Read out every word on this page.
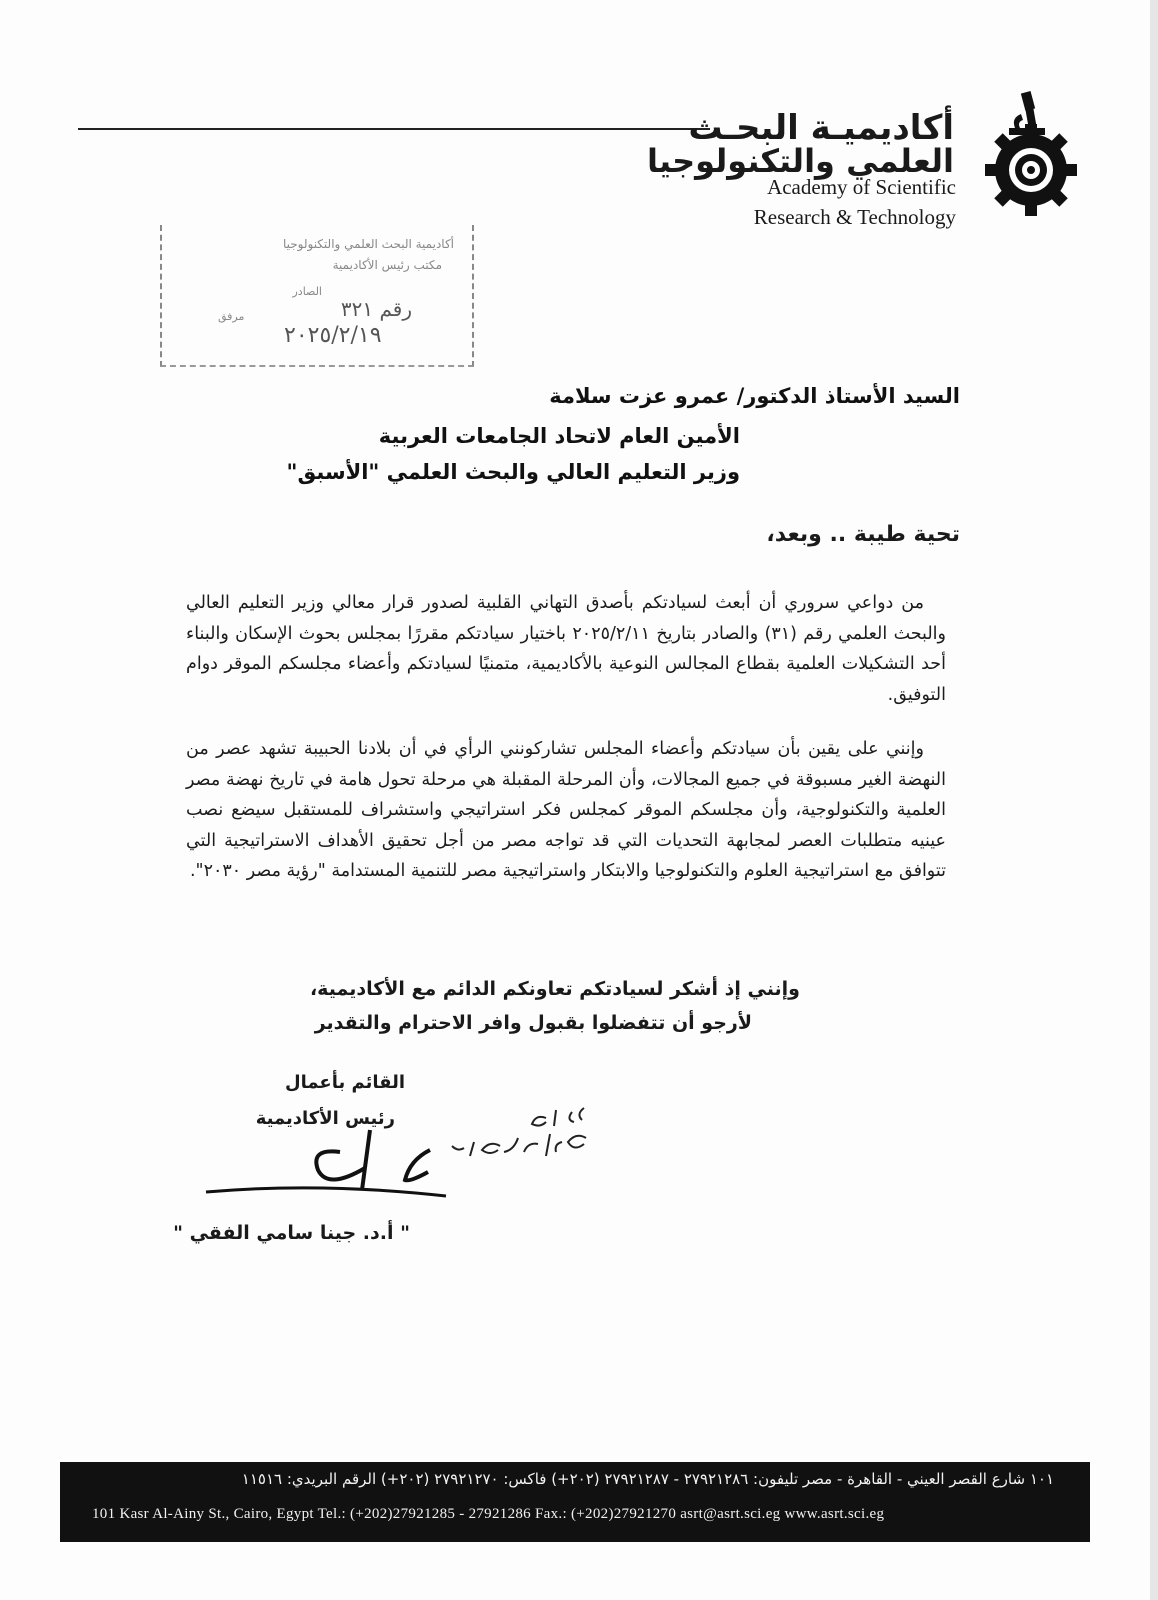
أكاديميـة البحـث
العلمي والتكنولوجيا
Academy of Scientific
Research & Technology
أكاديمية البحث العلمي والتكنولوجيا
مكتب رئيس الأكاديمية
الصادر
رقم ٣٢١
مرفق
٢٠٢٥/٢/١٩
السيد الأستاذ الدكتور/ عمرو عزت سلامة
الأمين العام لاتحاد الجامعات العربية
وزير التعليم العالي والبحث العلمي "الأسبق"
تحية طيبة .. وبعد،
من دواعي سروري أن أبعث لسيادتكم بأصدق التهاني القلبية لصدور قرار معالي وزير التعليم العالي والبحث العلمي رقم (٣١) والصادر بتاريخ ٢٠٢٥/٢/١١ باختيار سيادتكم مقررًا بمجلس بحوث الإسكان والبناء أحد التشكيلات العلمية بقطاع المجالس النوعية بالأكاديمية، متمنيًا لسيادتكم وأعضاء مجلسكم الموقر دوام التوفيق.
وإنني على يقين بأن سيادتكم وأعضاء المجلس تشاركونني الرأي في أن بلادنا الحبيبة تشهد عصر من النهضة الغير مسبوقة في جميع المجالات، وأن المرحلة المقبلة هي مرحلة تحول هامة في تاريخ نهضة مصر العلمية والتكنولوجية، وأن مجلسكم الموقر كمجلس فكر استراتيجي واستشراف للمستقبل سيضع نصب عينيه متطلبات العصر لمجابهة التحديات التي قد تواجه مصر من أجل تحقيق الأهداف الاستراتيجية التي تتوافق مع استراتيجية العلوم والتكنولوجيا والابتكار واستراتيجية مصر للتنمية المستدامة "رؤية مصر ٢٠٣٠".
وإنني إذ أشكر لسيادتكم تعاونكم الدائم مع الأكاديمية،
لأرجو أن تتفضلوا بقبول وافر الاحترام والتقدير
القائم بأعمال
رئيس الأكاديمية
" أ.د. جينا سامي الفقي "
١٠١ شارع القصر العيني - القاهرة - مصر تليفون: ٢٧٩٢١٢٨٦ - ٢٧٩٢١٢٨٧ (٢٠٢+) فاكس: ٢٧٩٢١٢٧٠ (٢٠٢+) الرقم البريدي: ١١٥١٦
101 Kasr Al-Ainy St., Cairo, Egypt Tel.: (+202)27921285 - 27921286 Fax.: (+202)27921270 asrt@asrt.sci.eg www.asrt.sci.eg
